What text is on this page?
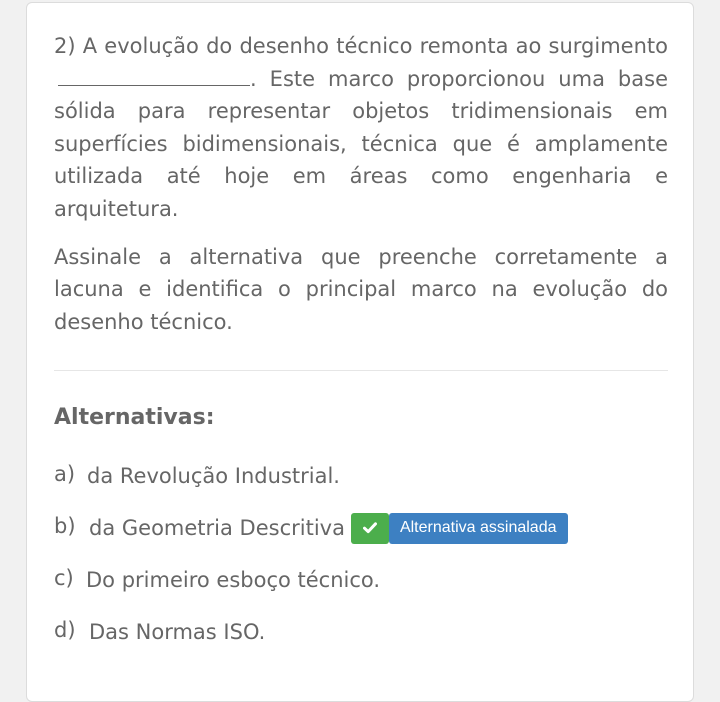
2) A evolução do desenho técnico remonta ao surgimento . Este marco proporcionou uma base sólida para representar objetos tridimensionais em superfícies bidimensionais, técnica que é amplamente utilizada até hoje em áreas como engenharia e arquitetura.

Assinale a alternativa que preenche corretamente a lacuna e identifica o principal marco na evolução do desenho técnico.

Alternativas:
a) da Revolução Industrial.
b) da Geometria Descritiva	Alternativa assinalada
c) Do primeiro esboço técnico.
d) Das Normas ISO.
